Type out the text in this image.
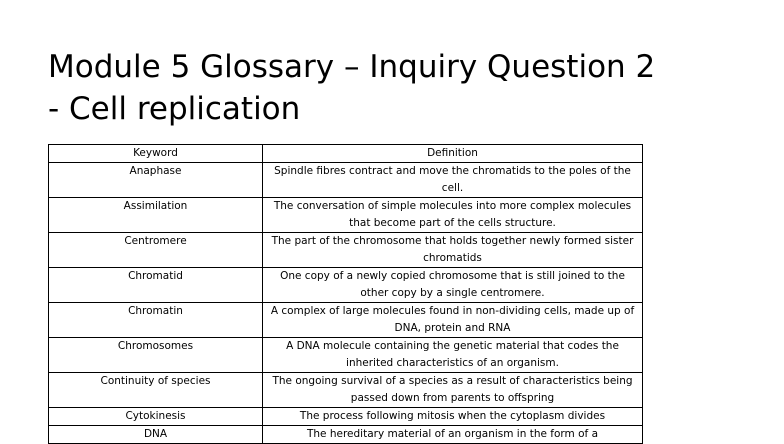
Module 5 Glossary – Inquiry Question 2
- Cell replication
Keyword	Definition
Anaphase	Spindle fibres contract and move the chromatids to the poles of the cell.
Assimilation	The conversation of simple molecules into more complex molecules that become part of the cells structure.
Centromere	The part of the chromosome that holds together newly formed sister chromatids
Chromatid	One copy of a newly copied chromosome that is still joined to the other copy by a single centromere.
Chromatin	A complex of large molecules found in non-dividing cells, made up of DNA, protein and RNA
Chromosomes	A DNA molecule containing the genetic material that codes the inherited characteristics of an organism.
Continuity of species	The ongoing survival of a species as a result of characteristics being passed down from parents to offspring
Cytokinesis	The process following mitosis when the cytoplasm divides
DNA	The hereditary material of an organism in the form of a
